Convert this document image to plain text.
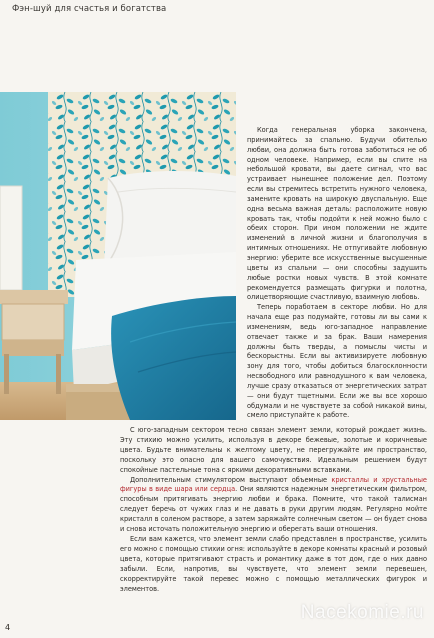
Фэн-шуй для счастья и богатства

Когда генеральная уборка закончена, принимайтесь за спальню. Будучи обителью любви, она должна быть готова заботиться не об одном человеке. Например, если вы спите на небольшой кровати, вы даете сигнал, что вас устраивает нынешнее положение дел. Поэтому если вы стремитесь встретить нужного человека, замените кровать на широкую двуспальную. Еще одна весьма важная деталь: расположите новую кровать так, чтобы подойти к ней можно было с обеих сторон. При ином положении не ждите изменений в личной жизни и благополучия в интимных отношениях. Не отпугивайте любовную энергию: уберите все искусственные высушенные цветы из спальни — они способны задушить любые ростки новых чувств. В этой комнате рекомендуется размещать фигурки и полотна, олицетворяющие счастливую, взаимную любовь.

Теперь поработаем в секторе любви. Но для начала еще раз подумайте, готовы ли вы сами к изменениям, ведь юго-западное направление отвечает также и за брак. Ваши намерения должны быть тверды, а помыслы чисты и бескорыстны. Если вы активизируете любовную зону для того, чтобы добиться благосклонности несвободного или равнодушного к вам человека, лучше сразу отказаться от энергетических затрат — они будут тщетными. Если же вы все хорошо обдумали и не чувствуете за собой никакой вины, смело приступайте к работе.

С юго-западным сектором тесно связан элемент земли, который рождает жизнь. Эту стихию можно усилить, используя в декоре бежевые, золотые и коричневые цвета. Будьте внимательны к желтому цвету, не перегружайте им пространство, поскольку это опасно для вашего самочувствия. Идеальным решением будут спокойные пастельные тона с яркими декоративными вставками.

Дополнительным стимулятором выступают объемные кристаллы и хрустальные фигуры в виде шара или сердца. Они являются надежным энергетическим фильтром, способным притягивать энергию любви и брака. Помните, что такой талисман следует беречь от чужих глаз и не давать в руки другим людям. Регулярно мойте кристалл в соленом растворе, а затем заряжайте солнечным светом — он будет снова и снова источать положительную энергию и оберегать ваши отношения.

Если вам кажется, что элемент земли слабо представлен в пространстве, усилить его можно с помощью стихии огня: используйте в декоре комнаты красный и розовый цвета, которые притягивают страсть и романтику даже в тот дом, где о них давно забыли. Если, напротив, вы чувствуете, что элемент земли перевешен, скорректируйте такой перевес можно с помощью металлических фигурок и элементов.

4
Nacekomie.ru
